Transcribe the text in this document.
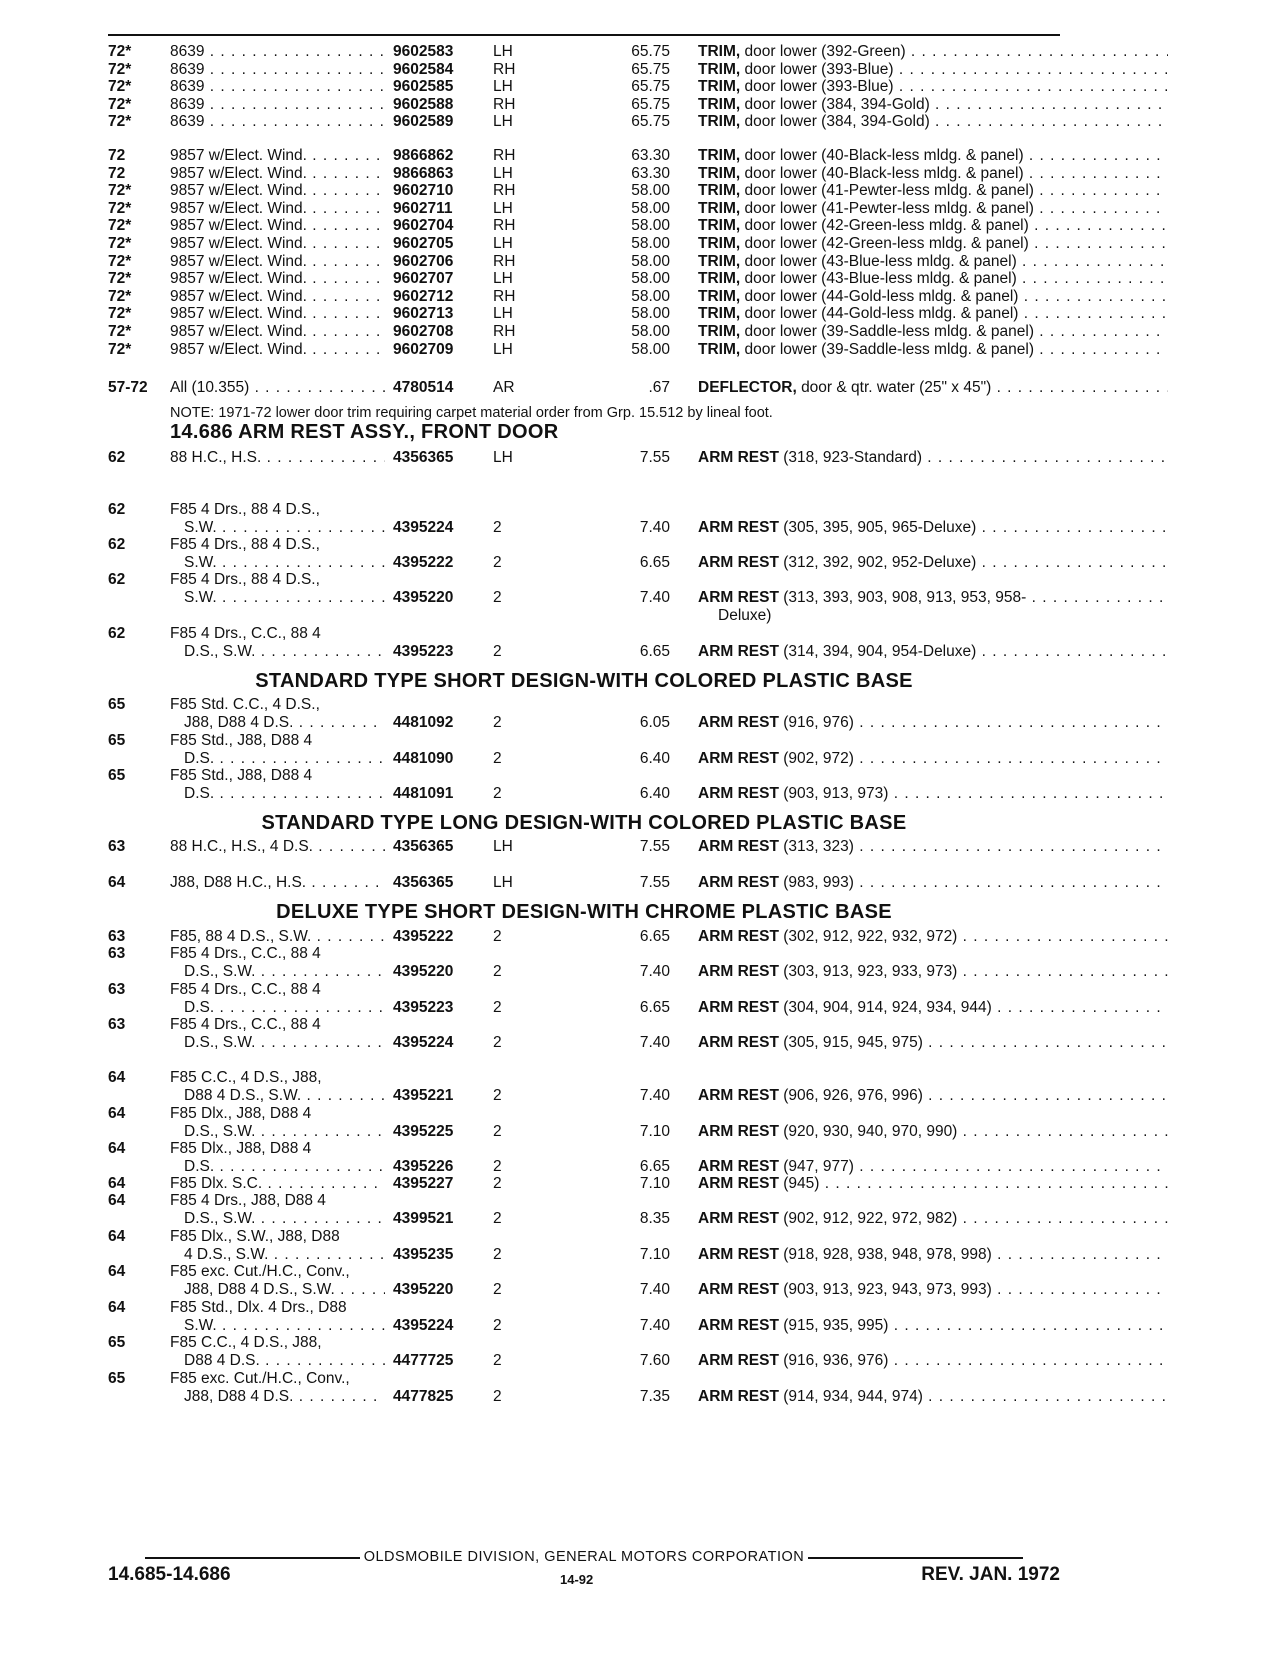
14.686 ARM REST ASSY., FRONT DOOR
STANDARD TYPE SHORT DESIGN-WITH COLORED PLASTIC BASE
STANDARD TYPE LONG DESIGN-WITH COLORED PLASTIC BASE
DELUXE TYPE SHORT DESIGN-WITH CHROME PLASTIC BASE
NOTE: 1971-72 lower door trim requiring carpet material order from Grp. 15.512 by lineal foot.
OLDSMOBILE DIVISION, GENERAL MOTORS CORPORATION
14.685-14.686	14-92	REV. JAN. 1972
72* 8639 . . .	9602583	LH	65.75 TRIM, door lower (392-Green) . . .
72* 8639 . . .	9602584	RH	65.75 TRIM, door lower (393-Blue) . . .
72* 8639 . . .	9602585	LH	65.75 TRIM, door lower (393-Blue) . . .
72* 8639 . . .	9602588	RH	65.75 TRIM, door lower (384, 394-Gold) . . .
72* 8639 . . .	9602589	LH	65.75 TRIM, door lower (384, 394-Gold) . . .
72	9857 w/Elect. Wind. . . .	9866862	RH	63.30 TRIM, door lower (40-Black-less mldg. & panel) . . .
72	9857 w/Elect. Wind. . . .	9866863	LH	63.30 TRIM, door lower (40-Black-less mldg. & panel) . . .
72* 9857 w/Elect. Wind. . . .	9602710	RH	58.00 TRIM, door lower (41-Pewter-less mldg. & panel) . . .
72* 9857 w/Elect. Wind. . . .	9602711	LH	58.00 TRIM, door lower (41-Pewter-less mldg. & panel) . . .
72* 9857 w/Elect. Wind. . . .	9602704	RH	58.00 TRIM, door lower (42-Green-less mldg. & panel) . . .
72* 9857 w/Elect. Wind. . . .	9602705	LH	58.00 TRIM, door lower (42-Green-less mldg. & panel) . . .
72* 9857 w/Elect. Wind. . . .	9602706	RH	58.00 TRIM, door lower (43-Blue-less mldg. & panel) . . .
72* 9857 w/Elect. Wind. . . .	9602707	LH	58.00 TRIM, door lower (43-Blue-less mldg. & panel) . . .
72* 9857 w/Elect. Wind. . . .	9602712	RH	58.00 TRIM, door lower (44-Gold-less mldg. & panel) . . .
72* 9857 w/Elect. Wind. . . .	9602713	LH	58.00 TRIM, door lower (44-Gold-less mldg. & panel) . . .
72* 9857 w/Elect. Wind. . . .	9602708	RH	58.00 TRIM, door lower (39-Saddle-less mldg. & panel) . . .
72* 9857 w/Elect. Wind. . . .	9602709	LH	58.00 TRIM, door lower (39-Saddle-less mldg. & panel) . . .
57-72 All (10.355) . . .	4780514	AR	.67 DEFLECTOR, door & qtr. water (25" x 45") . . .
62	88 H.C., H.S. . . .	4356365	LH	7.55 ARM REST (318, 923-Standard) . . .
62	F85 4 Drs., 88 4 D.S.,
S.W. . . .	4395224	2	7.40 ARM REST (305, 395, 905, 965-Deluxe) . . .
62	F85 4 Drs., 88 4 D.S.,
S.W. . . .	4395222	2	6.65 ARM REST (312, 392, 902, 952-Deluxe) . . .
62	F85 4 Drs., 88 4 D.S.,
S.W. . . .	4395220	2	7.40 ARM REST (313, 393, 903, 908, 913, 953, 958- . . .
Deluxe)
62	F85 4 Drs., C.C., 88 4
D.S., S.W. . . .	4395223	2	6.65 ARM REST (314, 394, 904, 954-Deluxe) . . .
65	F85 Std. C.C., 4 D.S.,
J88, D88 4 D.S. . . .	4481092	2	6.05 ARM REST (916, 976) . . .
65	F85 Std., J88, D88 4
D.S. . . .	4481090	2	6.40 ARM REST (902, 972) . . .
65	F85 Std., J88, D88 4
D.S. . . .	4481091	2	6.40 ARM REST (903, 913, 973) . . .
63	88 H.C., H.S., 4 D.S. . . .	4356365	LH	7.55 ARM REST (313, 323) . . .
64	J88, D88 H.C., H.S. . . .	4356365	LH	7.55 ARM REST (983, 993) . . .
63	F85, 88 4 D.S., S.W. . . .	4395222	2	6.65 ARM REST (302, 912, 922, 932, 972) . . .
63	F85 4 Drs., C.C., 88 4
D.S., S.W. . . .	4395220	2	7.40 ARM REST (303, 913, 923, 933, 973) . . .
63	F85 4 Drs., C.C., 88 4
D.S. . . .	4395223	2	6.65 ARM REST (304, 904, 914, 924, 934, 944) . . .
63	F85 4 Drs., C.C., 88 4
D.S., S.W. . . .	4395224	2	7.40 ARM REST (305, 915, 945, 975) . . .
64	F85 C.C., 4 D.S., J88,
D88 4 D.S., S.W. . . .	4395221	2	7.40 ARM REST (906, 926, 976, 996) . . .
64	F85 Dlx., J88, D88 4
D.S., S.W. . . .	4395225	2	7.10 ARM REST (920, 930, 940, 970, 990) . . .
64	F85 Dlx., J88, D88 4
D.S. . . .	4395226	2	6.65 ARM REST (947, 977) . . .
64	F85 Dlx. S.C. . . .	4395227	2	7.10 ARM REST (945) . . .
64	F85 4 Drs., J88, D88 4
D.S., S.W. . . .	4399521	2	8.35 ARM REST (902, 912, 922, 972, 982) . . .
64	F85 Dlx., S.W., J88, D88
4 D.S., S.W. . . .	4395235	2	7.10 ARM REST (918, 928, 938, 948, 978, 998) . . .
64	F85 exc. Cut./H.C., Conv.,
J88, D88 4 D.S., S.W. . . .	4395220	2	7.40 ARM REST (903, 913, 923, 943, 973, 993) . . .
64	F85 Std., Dlx. 4 Drs., D88
S.W. . . .	4395224	2	7.40 ARM REST (915, 935, 995) . . .
65	F85 C.C., 4 D.S., J88,
D88 4 D.S. . . .	4477725	2	7.60 ARM REST (916, 936, 976) . . .
65	F85 exc. Cut./H.C., Conv.,
J88, D88 4 D.S. . . .	4477825	2	7.35 ARM REST (914, 934, 944, 974) . . .
